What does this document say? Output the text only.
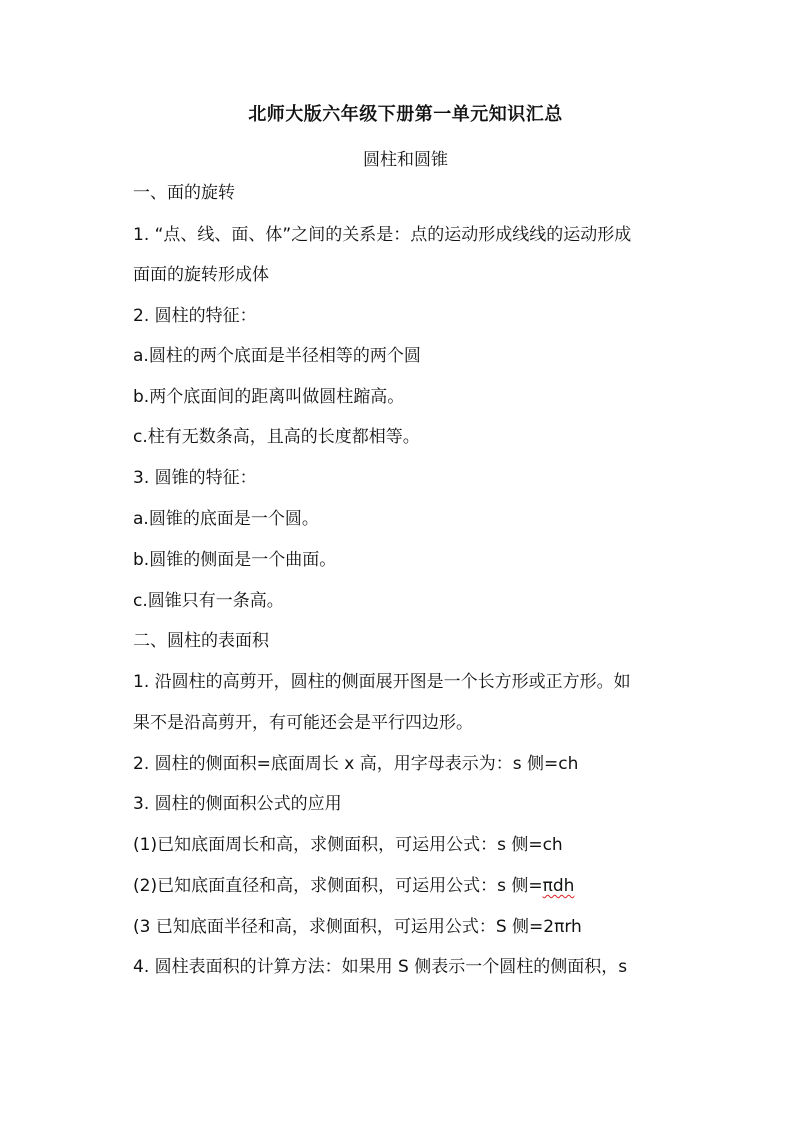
北师大版六年级下册第一单元知识汇总
圆柱和圆锥
一、面的旋转
1. “点、线、面、体”之间的关系是：点的运动形成线线的运动形成
面面的旋转形成体
2. 圆柱的特征：
a.圆柱的两个底面是半径相等的两个圆
b.两个底面间的距离叫做圆柱蹜高。
c.柱有无数条高，且高的长度都相等。
3. 圆锥的特征：
a.圆锥的底面是一个圆。
b.圆锥的侧面是一个曲面。
c.圆锥只有一条高。
二、圆柱的表面积
1. 沿圆柱的高剪开，圆柱的侧面展开图是一个长方形或正方形。如
果不是沿高剪开，有可能还会是平行四边形。
2. 圆柱的侧面积=底面周长 x 高，用字母表示为：s 侧=ch
3. 圆柱的侧面积公式的应用
(1)已知底面周长和高，求侧面积，可运用公式：s 侧=ch
(2)已知底面直径和高，求侧面积，可运用公式：s 侧=πdh
(3 已知底面半径和高，求侧面积，可运用公式：S 侧=2πrh
4. 圆柱表面积的计算方法：如果用 S 侧表示一个圆柱的侧面积，s
